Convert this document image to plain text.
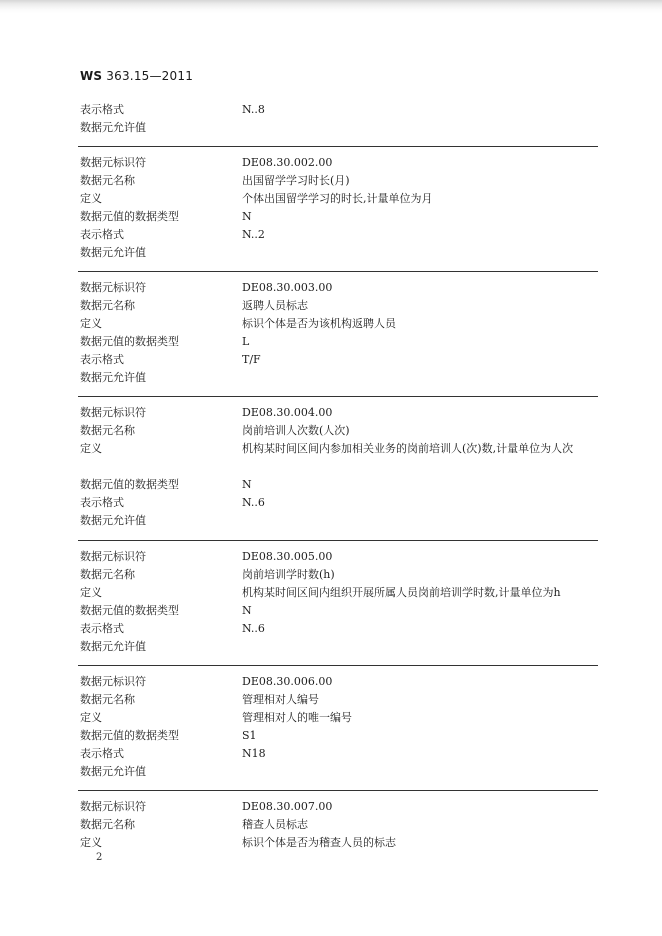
WS 363.15—2011
表示格式	N..8
数据元允许值
数据元标识符	DE08.30.002.00
数据元名称	出国留学学习时长(月)
定义	个体出国留学学习的时长,计量单位为月
数据元值的数据类型	N
表示格式	N..2
数据元允许值
数据元标识符	DE08.30.003.00
数据元名称	返聘人员标志
定义	标识个体是否为该机构返聘人员
数据元值的数据类型	L
表示格式	T/F
数据元允许值
数据元标识符	DE08.30.004.00
数据元名称	岗前培训人次数(人次)
定义	机构某时间区间内参加相关业务的岗前培训人(次)数,计量单位为人次
数据元值的数据类型	N
表示格式	N..6
数据元允许值
数据元标识符	DE08.30.005.00
数据元名称	岗前培训学时数(h)
定义	机构某时间区间内组织开展所属人员岗前培训学时数,计量单位为h
数据元值的数据类型	N
表示格式	N..6
数据元允许值
数据元标识符	DE08.30.006.00
数据元名称	管理相对人编号
定义	管理相对人的唯一编号
数据元值的数据类型	S1
表示格式	N18
数据元允许值
数据元标识符	DE08.30.007.00
数据元名称	稽查人员标志
定义	标识个体是否为稽查人员的标志
2
